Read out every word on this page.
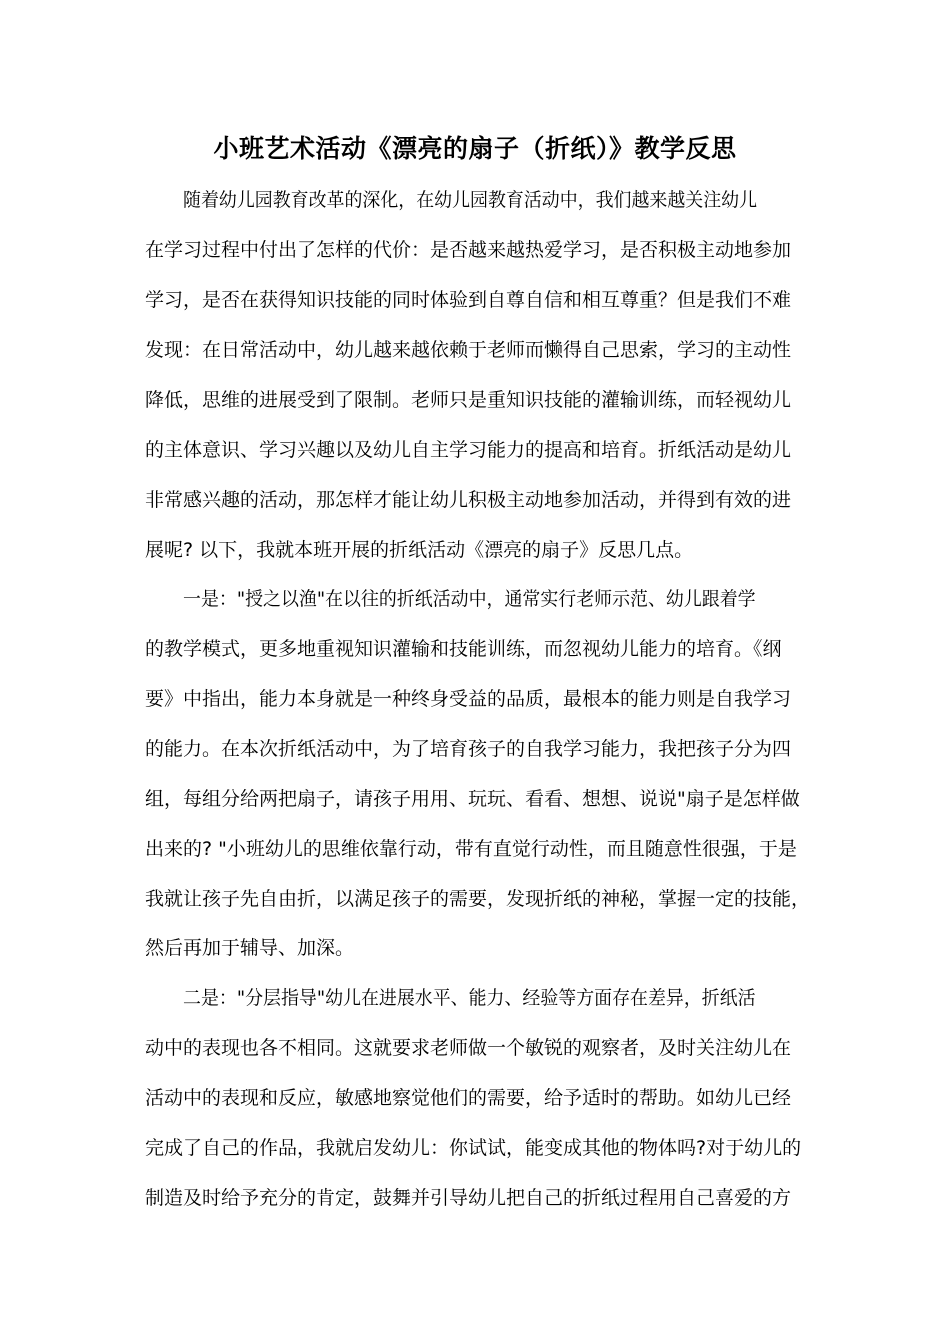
小班艺术活动《漂亮的扇子（折纸）》教学反思
随着幼儿园教育改革的深化，在幼儿园教育活动中，我们越来越关注幼儿
在学习过程中付出了怎样的代价：是否越来越热爱学习，是否积极主动地参加
学习，是否在获得知识技能的同时体验到自尊自信和相互尊重？但是我们不难
发现：在日常活动中，幼儿越来越依赖于老师而懒得自己思索，学习的主动性
降低，思维的进展受到了限制。老师只是重知识技能的灌输训练，而轻视幼儿
的主体意识、学习兴趣以及幼儿自主学习能力的提高和培育。折纸活动是幼儿
非常感兴趣的活动，那怎样才能让幼儿积极主动地参加活动，并得到有效的进
展呢? 以下，我就本班开展的折纸活动《漂亮的扇子》反思几点。
一是："授之以渔"在以往的折纸活动中，通常实行老师示范、幼儿跟着学
的教学模式，更多地重视知识灌输和技能训练，而忽视幼儿能力的培育。《纲
要》中指出，能力本身就是一种终身受益的品质，最根本的能力则是自我学习
的能力。在本次折纸活动中，为了培育孩子的自我学习能力，我把孩子分为四
组，每组分给两把扇子，请孩子用用、玩玩、看看、想想、说说"扇子是怎样做
出来的? "小班幼儿的思维依靠行动，带有直觉行动性，而且随意性很强，于是
我就让孩子先自由折，以满足孩子的需要，发现折纸的神秘，掌握一定的技能，
然后再加于辅导、加深。
二是："分层指导"幼儿在进展水平、能力、经验等方面存在差异，折纸活
动中的表现也各不相同。这就要求老师做一个敏锐的观察者，及时关注幼儿在
活动中的表现和反应，敏感地察觉他们的需要，给予适时的帮助。如幼儿已经
完成了自己的作品，我就启发幼儿：你试试，能变成其他的物体吗?对于幼儿的
制造及时给予充分的肯定，鼓舞并引导幼儿把自己的折纸过程用自己喜爱的方
